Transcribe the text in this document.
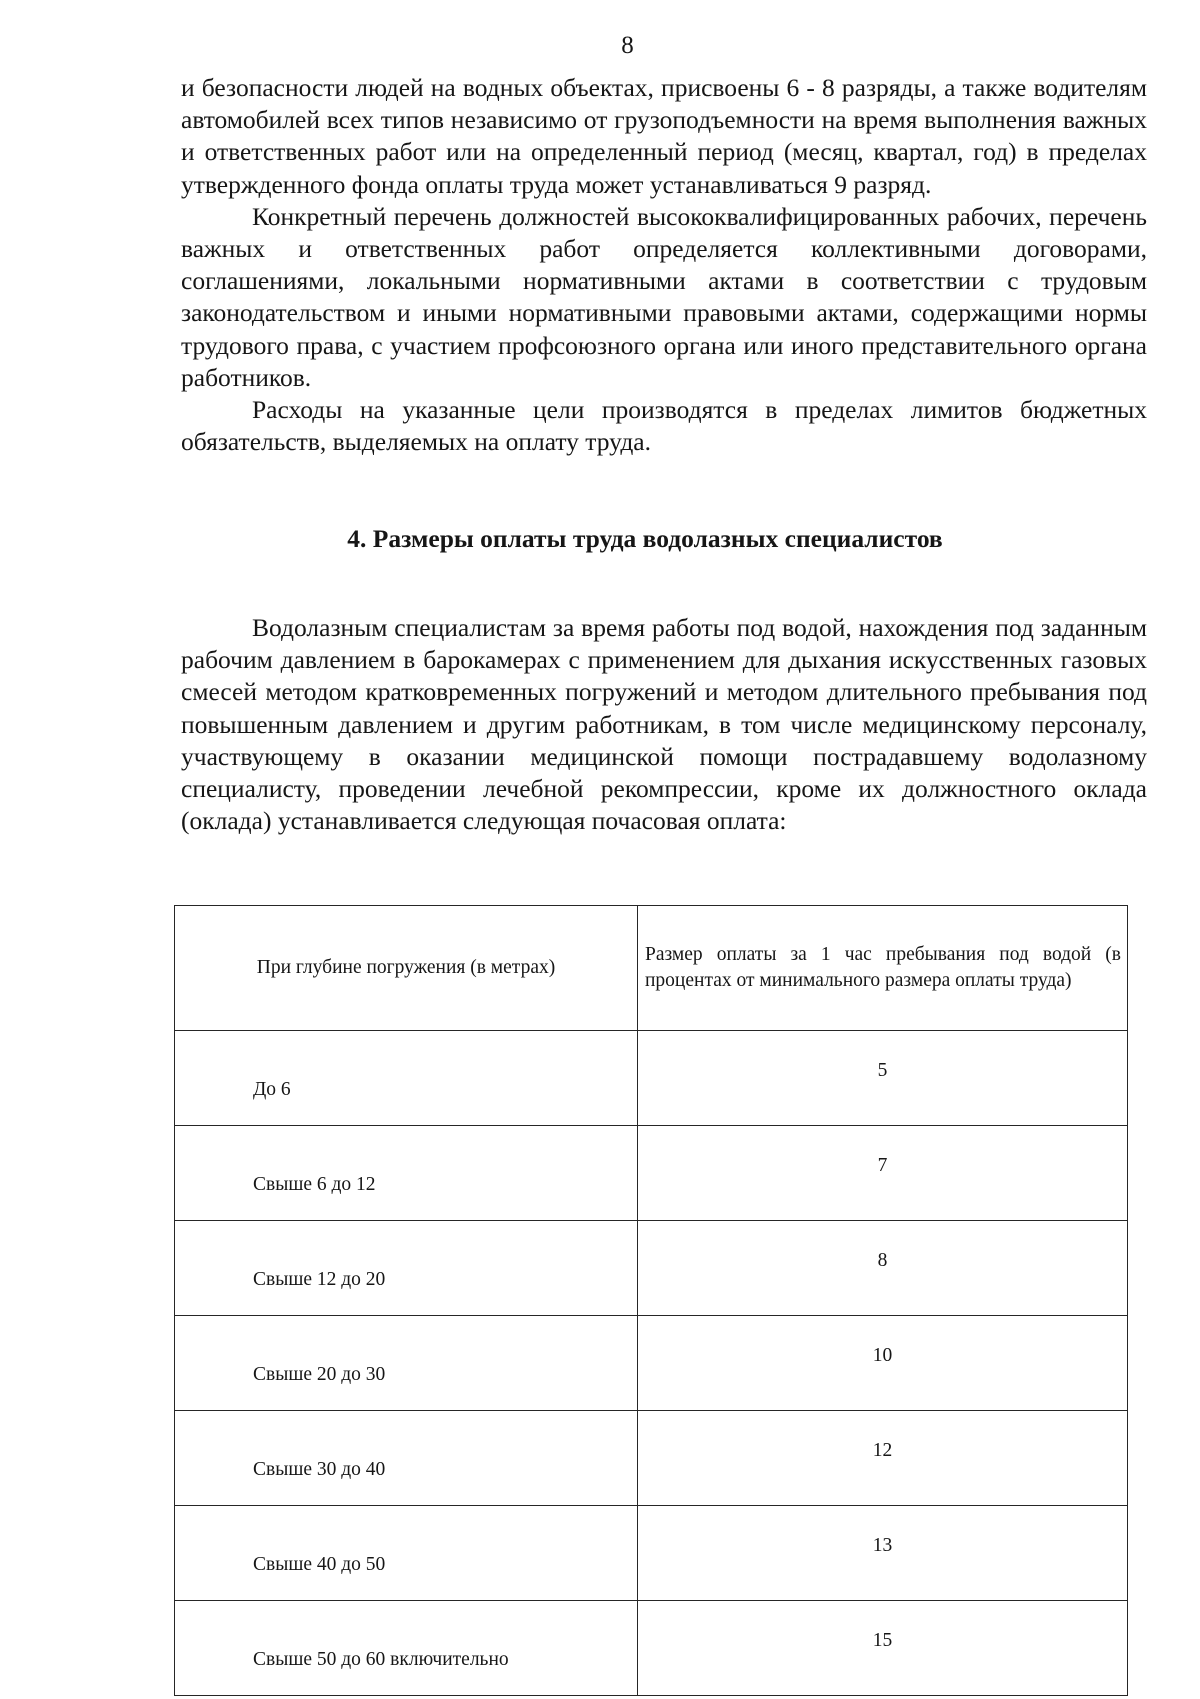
8

и безопасности людей на водных объектах, присвоены 6 - 8 разряды, а также водителям автомобилей всех типов независимо от грузоподъемности на время выполнения важных и ответственных работ или на определенный период (месяц, квартал, год) в пределах утвержденного фонда оплаты труда может устанавливаться 9 разряд.

Конкретный перечень должностей высококвалифицированных рабочих, перечень важных и ответственных работ определяется коллективными договорами, соглашениями, локальными нормативными актами в соответствии с трудовым законодательством и иными нормативными правовыми актами, содержащими нормы трудового права, с участием профсоюзного органа или иного представительного органа работников.

Расходы на указанные цели производятся в пределах лимитов бюджетных обязательств, выделяемых на оплату труда.

4. Размеры оплаты труда водолазных специалистов

Водолазным специалистам за время работы под водой, нахождения под заданным рабочим давлением в барокамерах с применением для дыхания искусственных газовых смесей методом кратковременных погружений и методом длительного пребывания под повышенным давлением и другим работникам, в том числе медицинскому персоналу, участвующему в оказании медицинской помощи пострадавшему водолазному специалисту, проведении лечебной рекомпрессии, кроме их должностного оклада (оклада) устанавливается следующая почасовая оплата:

При глубине погружения (в метрах)	Размер оплаты за 1 час пребывания под водой (в процентах от минимального размера оплаты труда)
До 6	5
Свыше 6 до 12	7
Свыше 12 до 20	8
Свыше 20 до 30	10
Свыше 30 до 40	12
Свыше 40 до 50	13
Свыше 50 до 60 включительно	15
